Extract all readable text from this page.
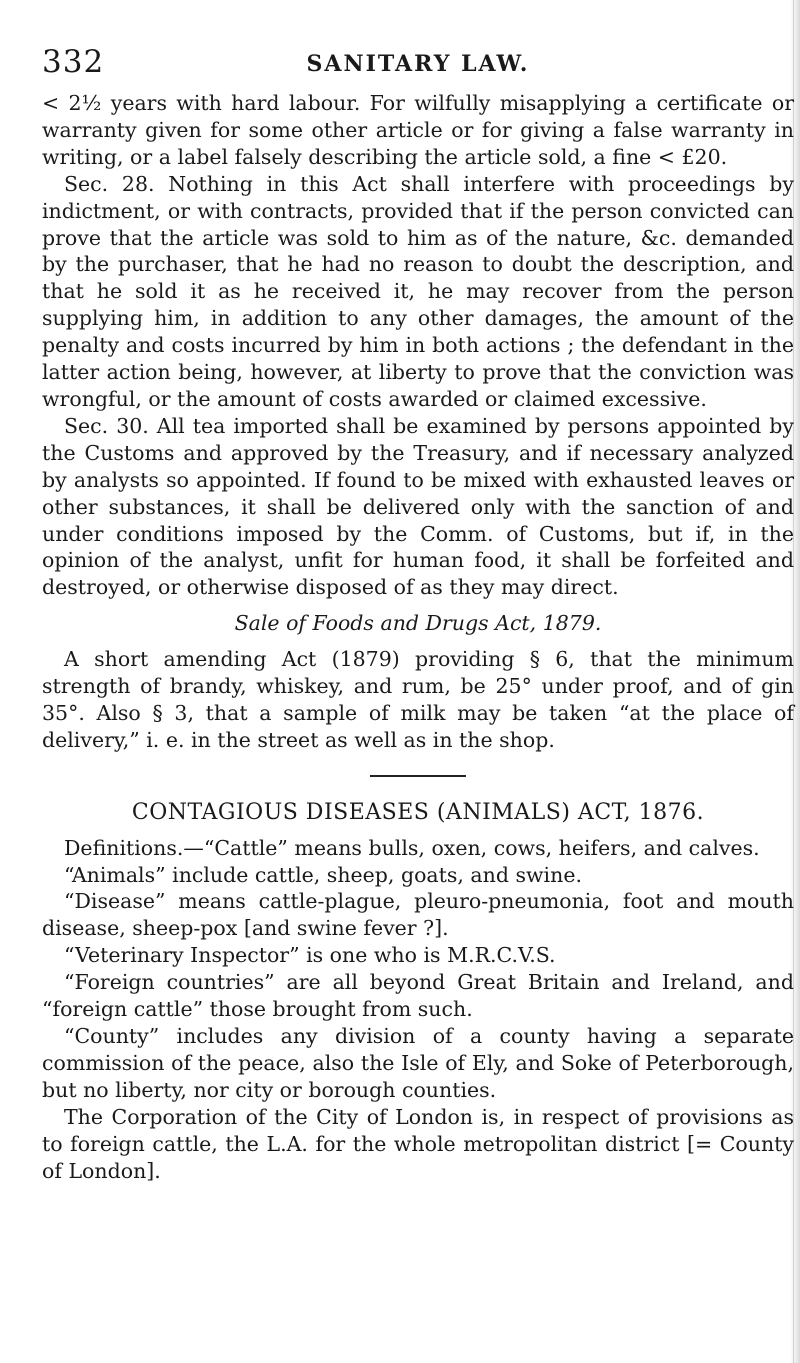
332	SANITARY LAW.

< 2½ years with hard labour. For wilfully misapplying a certificate or warranty given for some other article or for giving a false warranty in writing, or a label falsely describing the article sold, a fine < £20.

Sec. 28. Nothing in this Act shall interfere with proceedings by indictment, or with contracts, provided that if the person convicted can prove that the article was sold to him as of the nature, &c. demanded by the purchaser, that he had no reason to doubt the description, and that he sold it as he received it, he may recover from the person supplying him, in addition to any other damages, the amount of the penalty and costs incurred by him in both actions ; the defendant in the latter action being, however, at liberty to prove that the conviction was wrongful, or the amount of costs awarded or claimed excessive.

Sec. 30. All tea imported shall be examined by persons appointed by the Customs and approved by the Treasury, and if necessary analyzed by analysts so appointed. If found to be mixed with exhausted leaves or other substances, it shall be delivered only with the sanction of and under conditions imposed by the Comm. of Customs, but if, in the opinion of the analyst, unfit for human food, it shall be forfeited and destroyed, or otherwise disposed of as they may direct.

Sale of Foods and Drugs Act, 1879.

A short amending Act (1879) providing § 6, that the minimum strength of brandy, whiskey, and rum, be 25° under proof, and of gin 35°. Also § 3, that a sample of milk may be taken “at the place of delivery,” i. e. in the street as well as in the shop.

CONTAGIOUS DISEASES (ANIMALS) ACT, 1876.

Definitions.—“Cattle” means bulls, oxen, cows, heifers, and calves.

“Animals” include cattle, sheep, goats, and swine.

“Disease” means cattle-plague, pleuro-pneumonia, foot and mouth disease, sheep-pox [and swine fever ?].

“Veterinary Inspector” is one who is M.R.C.V.S.

“Foreign countries” are all beyond Great Britain and Ireland, and “foreign cattle” those brought from such.

“County” includes any division of a county having a separate commission of the peace, also the Isle of Ely, and Soke of Peterborough, but no liberty, nor city or borough counties.

The Corporation of the City of London is, in respect of provisions as to foreign cattle, the L.A. for the whole metropolitan district [= County of London].
